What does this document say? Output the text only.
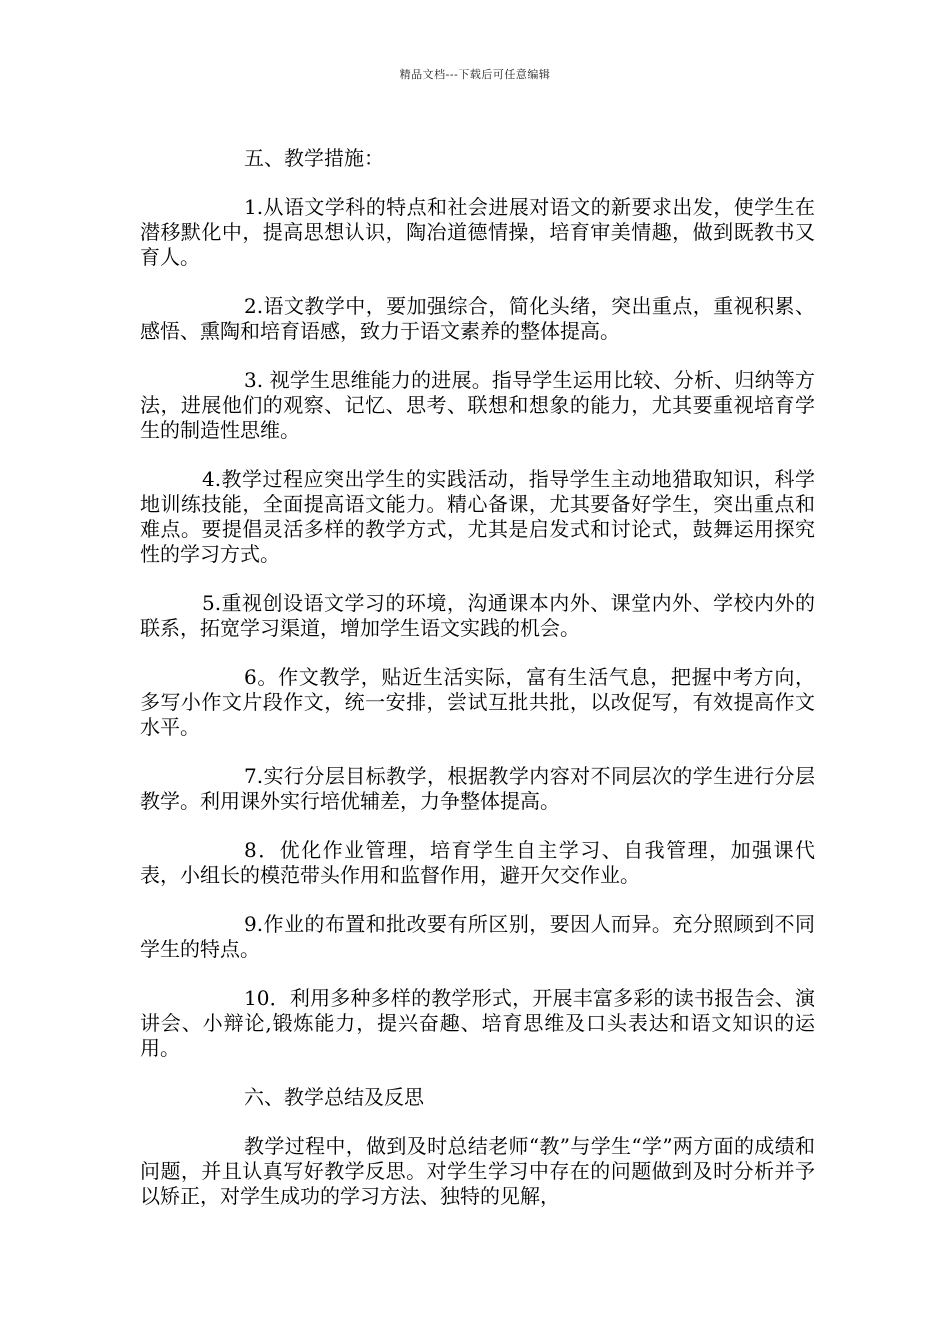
精品文档---下载后可任意编辑

五、教学措施：

1.从语文学科的特点和社会进展对语文的新要求出发，使学生在潜移默化中，提高思想认识，陶冶道德情操，培育审美情趣，做到既教书又育人。

2.语文教学中，要加强综合，简化头绪，突出重点，重视积累、感悟、熏陶和培育语感，致力于语文素养的整体提高。

3. 视学生思维能力的进展。指导学生运用比较、分析、归纳等方法，进展他们的观察、记忆、思考、联想和想象的能力，尤其要重视培育学生的制造性思维。

4.教学过程应突出学生的实践活动，指导学生主动地猎取知识，科学地训练技能，全面提高语文能力。精心备课，尤其要备好学生，突出重点和难点。要提倡灵活多样的教学方式，尤其是启发式和讨论式，鼓舞运用探究性的学习方式。

5.重视创设语文学习的环境，沟通课本内外、课堂内外、学校内外的联系，拓宽学习渠道，增加学生语文实践的机会。

6。作文教学，贴近生活实际，富有生活气息，把握中考方向，多写小作文片段作文，统一安排，尝试互批共批，以改促写，有效提高作文水平。

7.实行分层目标教学，根据教学内容对不同层次的学生进行分层教学。利用课外实行培优辅差，力争整体提高。

8．优化作业管理，培育学生自主学习、自我管理，加强课代表，小组长的模范带头作用和监督作用，避开欠交作业。

9.作业的布置和批改要有所区别，要因人而异。充分照顾到不同学生的特点。

10．利用多种多样的教学形式，开展丰富多彩的读书报告会、演讲会、小辩论,锻炼能力，提兴奋趣、培育思维及口头表达和语文知识的运用。

六、教学总结及反思

教学过程中，做到及时总结老师“教”与学生“学”两方面的成绩和问题，并且认真写好教学反思。对学生学习中存在的问题做到及时分析并予以矫正，对学生成功的学习方法、独特的见解，
